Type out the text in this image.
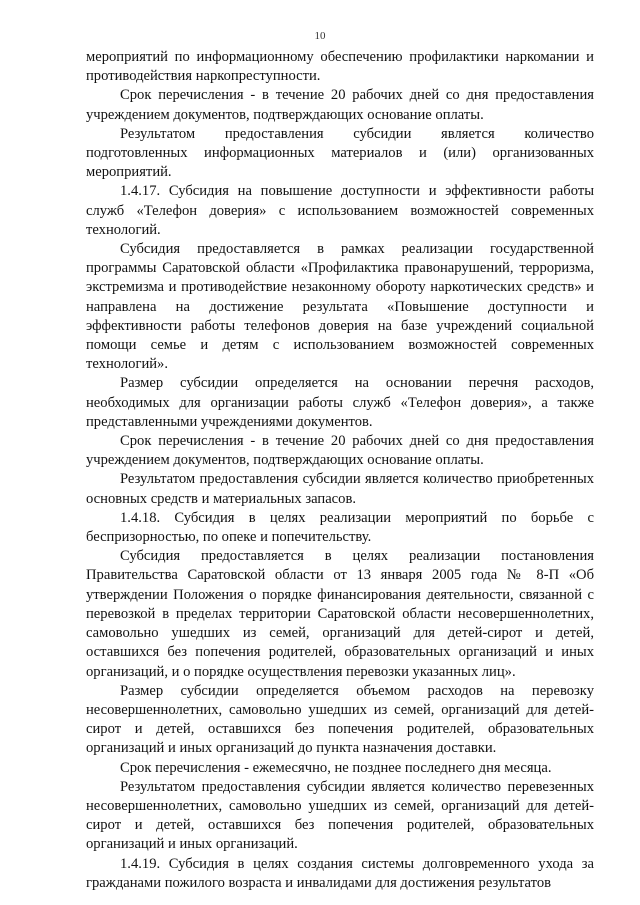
10

мероприятий по информационному обеспечению профилактики наркомании и противодействия наркопреступности.

Срок перечисления - в течение 20 рабочих дней со дня предоставления учреждением документов, подтверждающих основание оплаты.

Результатом предоставления субсидии является количество подготовленных информационных материалов и (или) организованных мероприятий.

1.4.17. Субсидия на повышение доступности и эффективности работы служб «Телефон доверия» с использованием возможностей современных технологий.

Субсидия предоставляется в рамках реализации государственной программы Саратовской области «Профилактика правонарушений, терроризма, экстремизма и противодействие незаконному обороту наркотических средств» и направлена на достижение результата «Повышение доступности и эффективности работы телефонов доверия на базе учреждений социальной помощи семье и детям с использованием возможностей современных технологий».

Размер субсидии определяется на основании перечня расходов, необходимых для организации работы служб «Телефон доверия», а также представленными учреждениями документов.

Срок перечисления - в течение 20 рабочих дней со дня предоставления учреждением документов, подтверждающих основание оплаты.

Результатом предоставления субсидии является количество приобретенных основных средств и материальных запасов.

1.4.18. Субсидия в целях реализации мероприятий по борьбе с беспризорностью, по опеке и попечительству.

Субсидия предоставляется в целях реализации постановления Правительства Саратовской области от 13 января 2005 года № 8-П «Об утверждении Положения о порядке финансирования деятельности, связанной с перевозкой в пределах территории Саратовской области несовершеннолетних, самовольно ушедших из семей, организаций для детей-сирот и детей, оставшихся без попечения родителей, образовательных организаций и иных организаций, и о порядке осуществления перевозки указанных лиц».

Размер субсидии определяется объемом расходов на перевозку несовершеннолетних, самовольно ушедших из семей, организаций для детей-сирот и детей, оставшихся без попечения родителей, образовательных организаций и иных организаций до пункта назначения доставки.

Срок перечисления - ежемесячно, не позднее последнего дня месяца.

Результатом предоставления субсидии является количество перевезенных несовершеннолетних, самовольно ушедших из семей, организаций для детей-сирот и детей, оставшихся без попечения родителей, образовательных организаций и иных организаций.

1.4.19. Субсидия в целях создания системы долговременного ухода за гражданами пожилого возраста и инвалидами для достижения результатов
